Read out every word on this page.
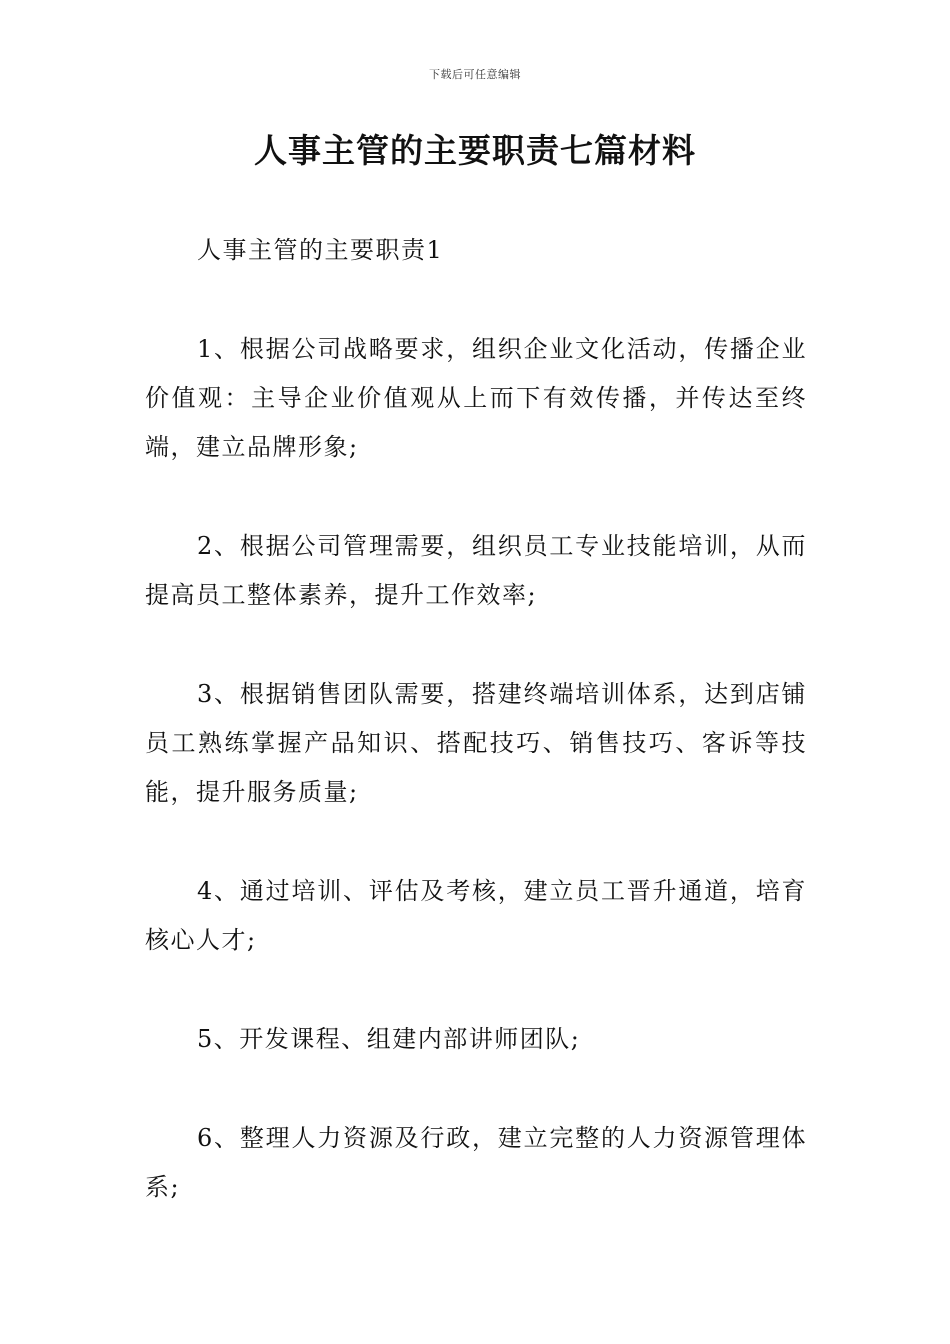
下载后可任意编辑
人事主管的主要职责七篇材料

人事主管的主要职责1

1、根据公司战略要求，组织企业文化活动，传播企业价值观：主导企业价值观从上而下有效传播，并传达至终端，建立品牌形象;

2、根据公司管理需要，组织员工专业技能培训，从而提高员工整体素养，提升工作效率;

3、根据销售团队需要，搭建终端培训体系，达到店铺员工熟练掌握产品知识、搭配技巧、销售技巧、客诉等技能，提升服务质量;

4、通过培训、评估及考核，建立员工晋升通道，培育核心人才;

5、开发课程、组建内部讲师团队;

6、整理人力资源及行政，建立完整的人力资源管理体系;
